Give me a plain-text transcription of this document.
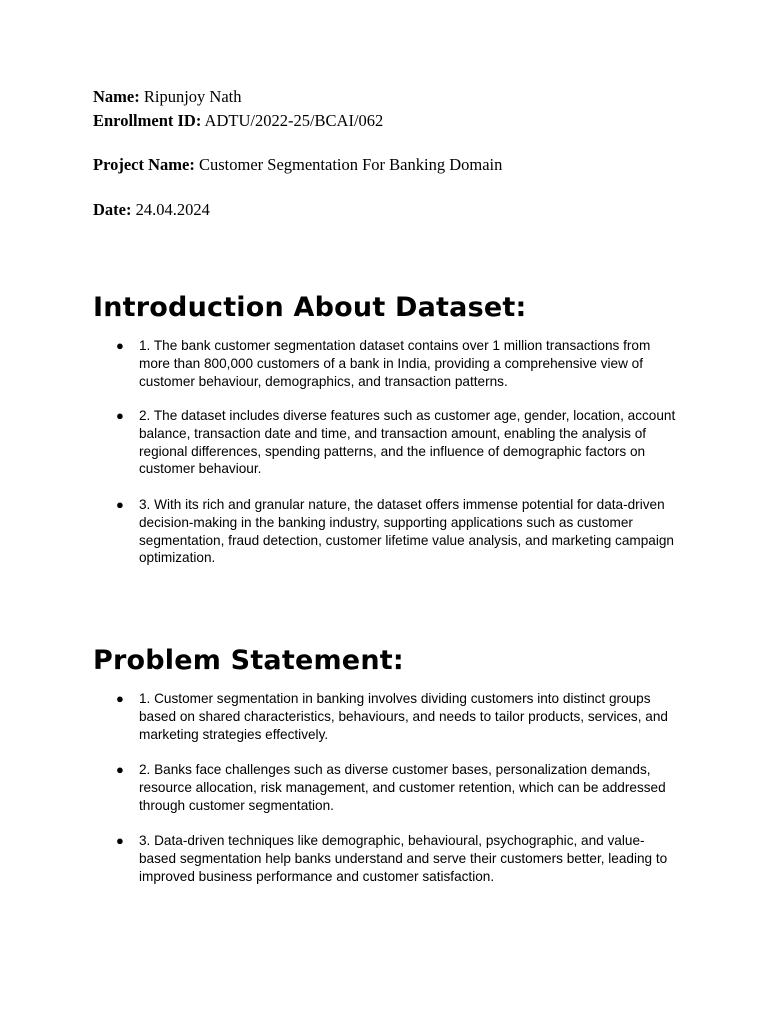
Name: Ripunjoy Nath
Enrollment ID: ADTU/2022-25/BCAI/062
Project Name: Customer Segmentation For Banking Domain
Date: 24.04.2024
Introduction About Dataset:
● 1. The bank customer segmentation dataset contains over 1 million transactions from more than 800,000 customers of a bank in India, providing a comprehensive view of customer behaviour, demographics, and transaction patterns.
● 2. The dataset includes diverse features such as customer age, gender, location, account balance, transaction date and time, and transaction amount, enabling the analysis of regional differences, spending patterns, and the influence of demographic factors on customer behaviour.
● 3. With its rich and granular nature, the dataset offers immense potential for data-driven decision-making in the banking industry, supporting applications such as customer segmentation, fraud detection, customer lifetime value analysis, and marketing campaign optimization.
Problem Statement:
● 1. Customer segmentation in banking involves dividing customers into distinct groups based on shared characteristics, behaviours, and needs to tailor products, services, and marketing strategies effectively.
● 2. Banks face challenges such as diverse customer bases, personalization demands, resource allocation, risk management, and customer retention, which can be addressed through customer segmentation.
● 3. Data-driven techniques like demographic, behavioural, psychographic, and value-based segmentation help banks understand and serve their customers better, leading to improved business performance and customer satisfaction.
